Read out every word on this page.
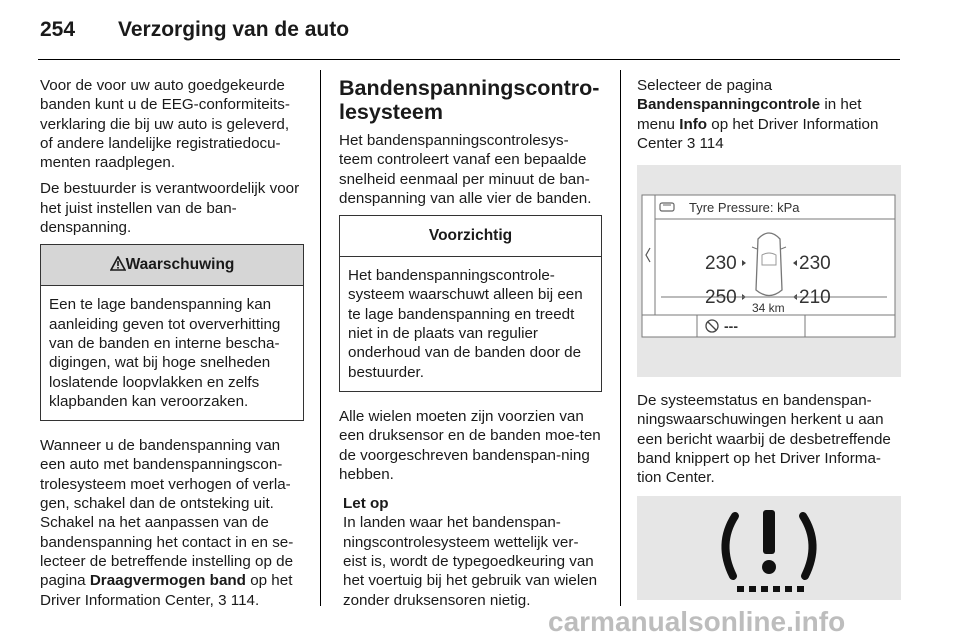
254 Verzorging van de auto

Voor de voor uw auto goedgekeurde banden kunt u de EEG-conformiteits-verklaring die bij uw auto is geleverd, of andere landelijke registratiedocu-menten raadplegen.

De bestuurder is verantwoordelijk voor het juist instellen van de ban-denspanning.

Waarschuwing
Een te lage bandenspanning kan aanleiding geven tot oververhitting van de banden en interne bescha-digingen, wat bij hoge snelheden loslatende loopvlakken en zelfs klapbanden kan veroorzaken.

Wanneer u de bandenspanning van een auto met bandenspanningscon-trolesysteem moet verhogen of verla-gen, schakel dan de ontsteking uit. Schakel na het aanpassen van de bandenspanning het contact in en se-lecteer de betreffende instelling op de pagina Draagvermogen band op het Driver Information Center, 3 114.

Bandenspanningscontro-lesysteem

Het bandenspanningscontrolesys-teem controleert vanaf een bepaalde snelheid eenmaal per minuut de ban-denspanning van alle vier de banden.

Voorzichtig
Het bandenspanningscontrole-systeem waarschuwt alleen bij een te lage bandenspanning en treedt niet in de plaats van regulier onderhoud van de banden door de bestuurder.

Alle wielen moeten zijn voorzien van een druksensor en de banden moe-ten de voorgeschreven bandenspan-ning hebben.

Let op
In landen waar het bandenspan-ningscontrolesysteem wettelijk ver-eist is, wordt de typegoedkeuring van het voertuig bij het gebruik van wielen zonder druksensoren nietig.

Selecteer de pagina Bandenspanningcontrole in het menu Info op het Driver Information Center 3 114

Tyre Pressure: kPa
230	230
250	210
34 km
---

De systeemstatus en bandenspan-ningswaarschuwingen herkent u aan een bericht waarbij de desbetreffende band knippert op het Driver Informa-tion Center.

carmanualsonline.info
